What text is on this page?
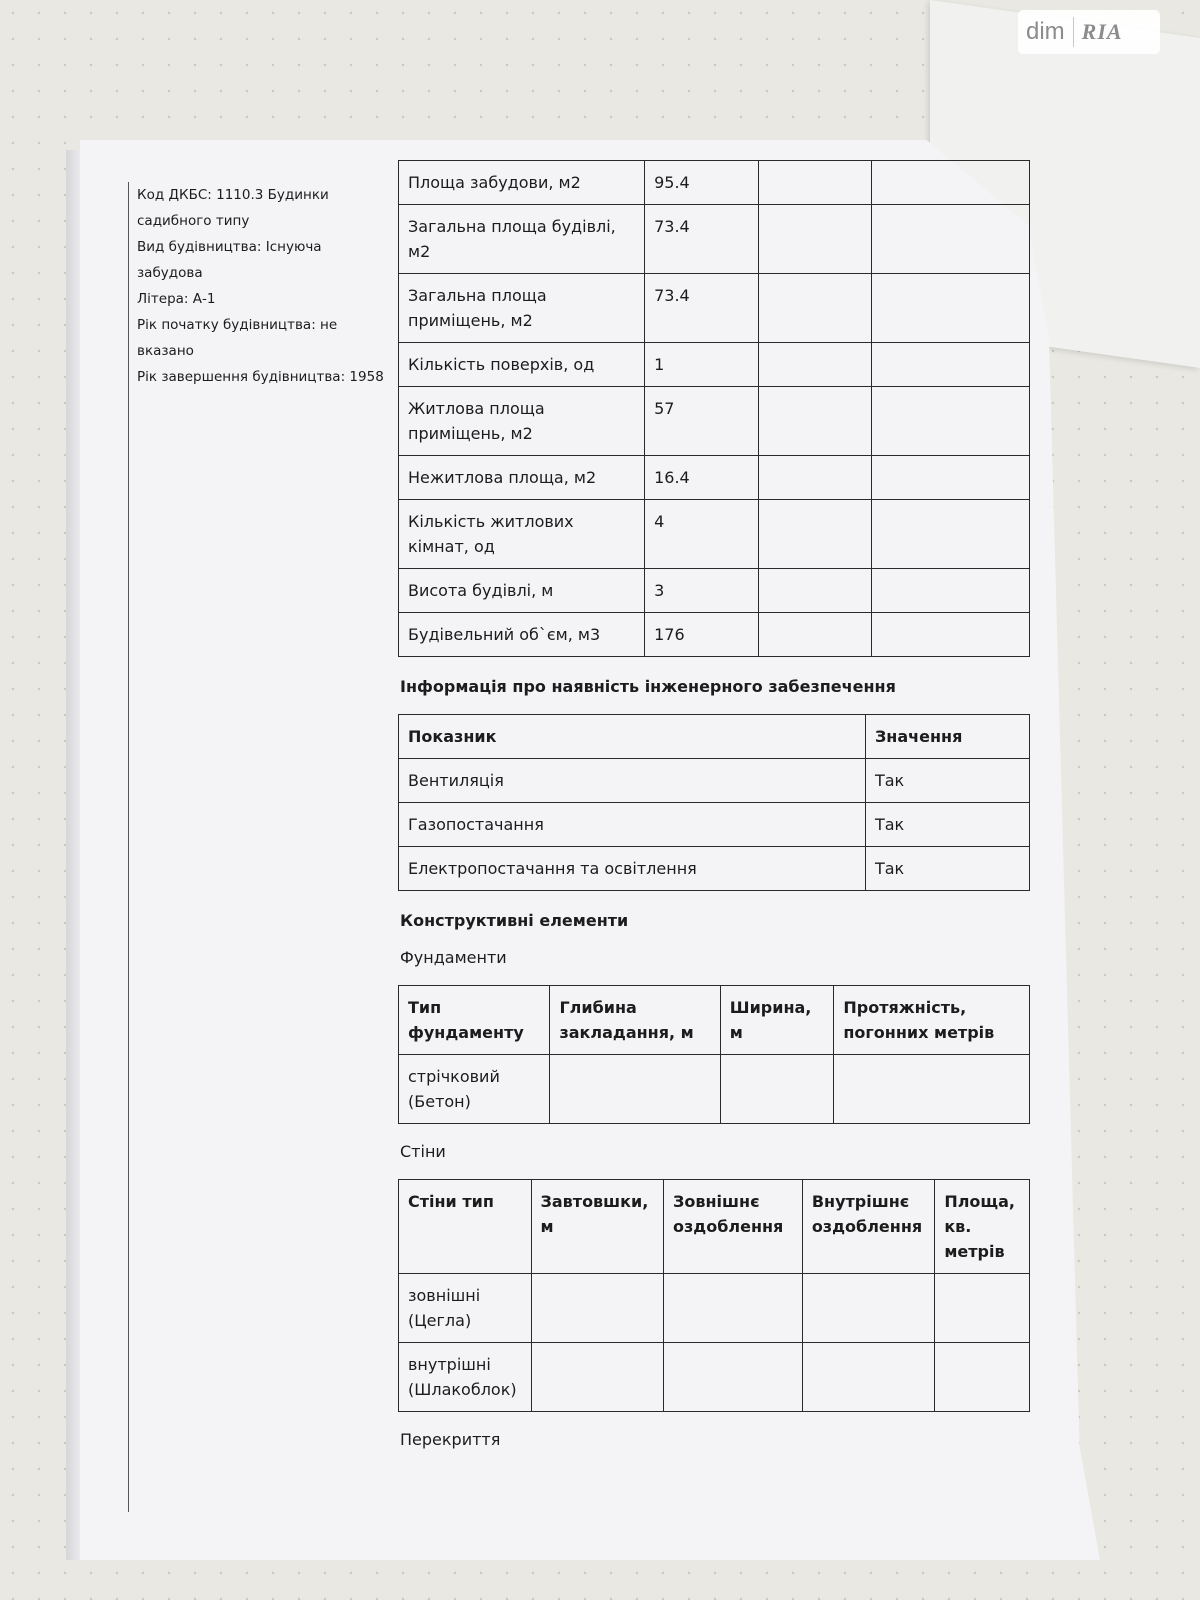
dim RIA

Код ДКБС: 1110.3 Будинки

садибного типу

Вид будівництва: Існуюча

забудова

Літера: А-1

Рік початку будівництва: не

вказано

Рік завершення будівництва: 1958

Площа забудови, м2	95.4		
Загальна площа будівлі, м2	73.4		
Загальна площа приміщень, м2	73.4		
Кількість поверхів, од	1		
Житлова площа приміщень, м2	57		
Нежитлова площа, м2	16.4		
Кількість житлових кімнат, од	4		
Висота будівлі, м	3		
Будівельний об`єм, м3	176		
Інформація про наявність інженерного забезпечення
Показник	Значення
Вентиляція	Так
Газопостачання	Так
Електропостачання та освітлення	Так
Конструктивні елементи
Фундаменти
Тип фундаменту	Глибина закладання, м	Ширина, м	Протяжність, погонних метрів
стрічковий (Бетон)			
Стіни
Стіни тип	Завтовшки, м	Зовнішнє оздоблення	Внутрішнє оздоблення	Площа, кв. метрів
зовнішні (Цегла)				
внутрішні (Шлакоблок)				
Перекриття
